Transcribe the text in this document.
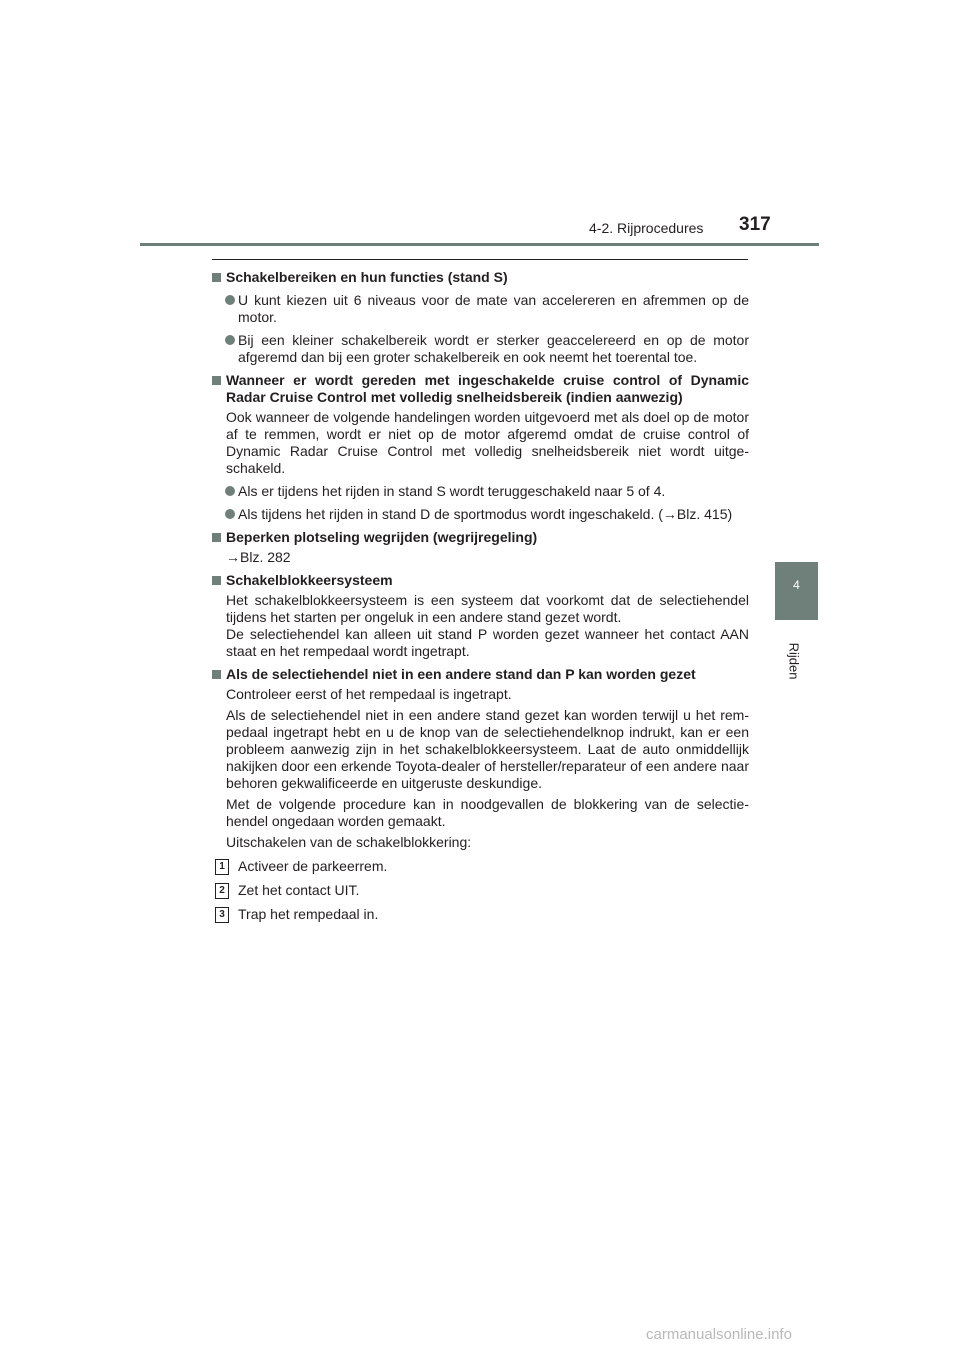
4-2. Rijprocedures 317
4
Rijden
Schakelbereiken en hun functies (stand S)
U kunt kiezen uit 6 niveaus voor de mate van accelereren en afremmen op de motor.
Bij een kleiner schakelbereik wordt er sterker geaccelereerd en op de motor afgeremd dan bij een groter schakelbereik en ook neemt het toerental toe.
Wanneer er wordt gereden met ingeschakelde cruise control of Dynamic Radar Cruise Control met volledig snelheidsbereik (indien aanwezig)
Ook wanneer de volgende handelingen worden uitgevoerd met als doel op de motor af te remmen, wordt er niet op de motor afgeremd omdat de cruise control of Dynamic Radar Cruise Control met volledig snelheidsbereik niet wordt uitge-schakeld.
Als er tijdens het rijden in stand S wordt teruggeschakeld naar 5 of 4.
Als tijdens het rijden in stand D de sportmodus wordt ingeschakeld. (→Blz. 415)
Beperken plotseling wegrijden (wegrijregeling)
→Blz. 282
Schakelblokkeersysteem
Het schakelblokkeersysteem is een systeem dat voorkomt dat de selectiehendel tijdens het starten per ongeluk in een andere stand gezet wordt.
De selectiehendel kan alleen uit stand P worden gezet wanneer het contact AAN staat en het rempedaal wordt ingetrapt.
Als de selectiehendel niet in een andere stand dan P kan worden gezet
Controleer eerst of het rempedaal is ingetrapt.
Als de selectiehendel niet in een andere stand gezet kan worden terwijl u het rem-pedaal ingetrapt hebt en u de knop van de selectiehendelknop indrukt, kan er een probleem aanwezig zijn in het schakelblokkeersysteem. Laat de auto onmiddellijk nakijken door een erkende Toyota-dealer of hersteller/reparateur of een andere naar behoren gekwalificeerde en uitgeruste deskundige.
Met de volgende procedure kan in noodgevallen de blokkering van de selectie-hendel ongedaan worden gemaakt.
Uitschakelen van de schakelblokkering:
1 Activeer de parkeerrem.
2 Zet het contact UIT.
3 Trap het rempedaal in.
carmanualsonline.info
